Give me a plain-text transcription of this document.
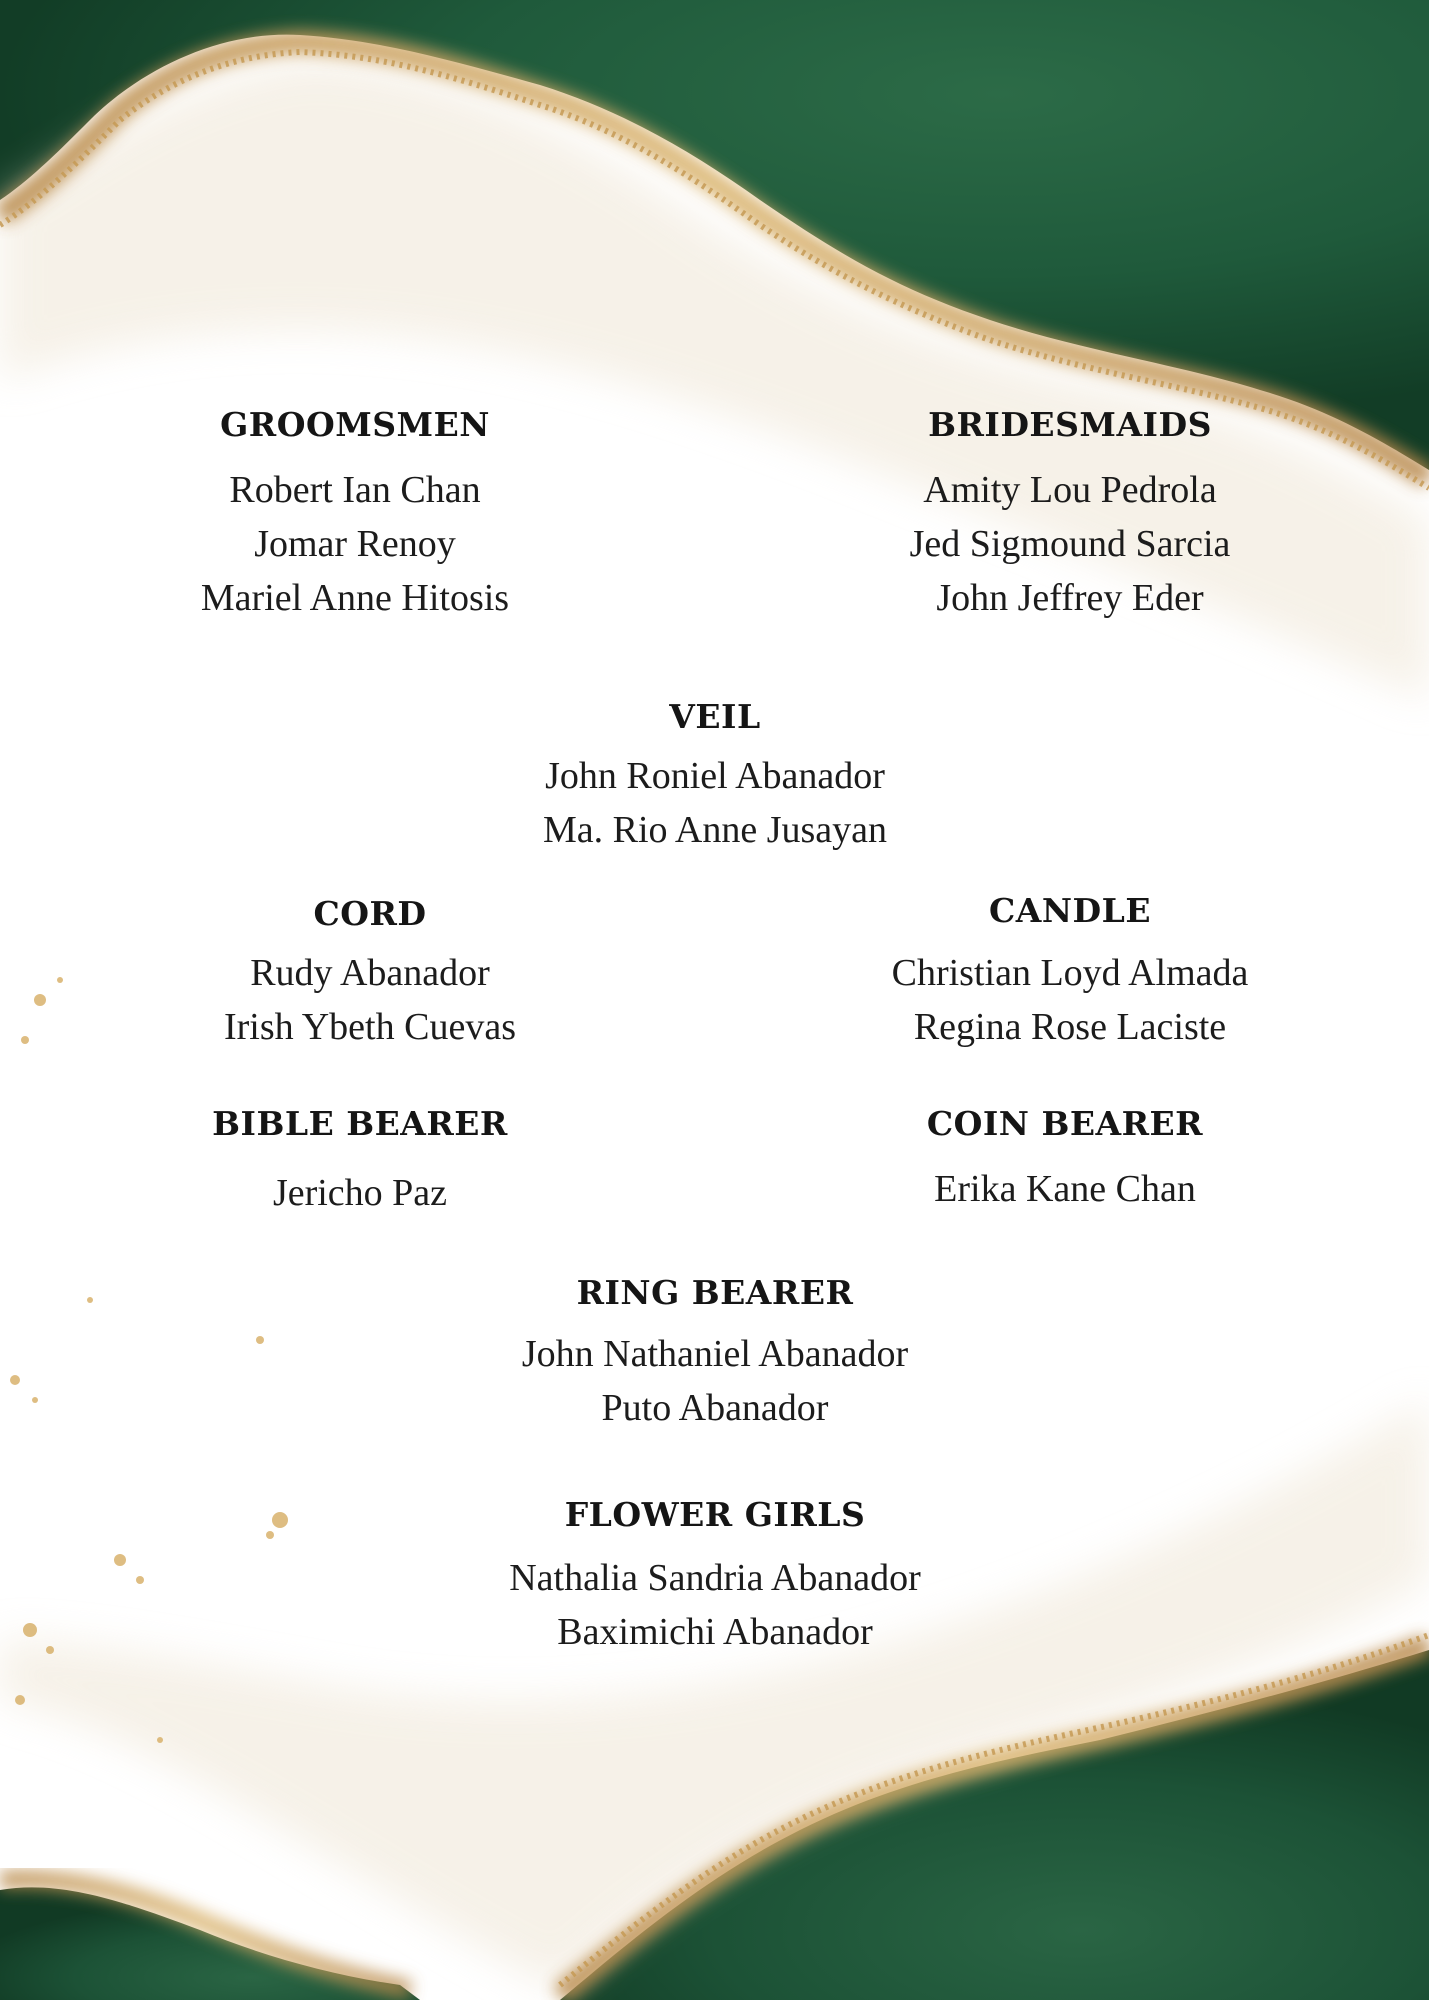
GROOMSMEN
Robert Ian Chan
Jomar Renoy
Mariel Anne Hitosis
BRIDESMAIDS
Amity Lou Pedrola
Jed Sigmound Sarcia
John Jeffrey Eder
VEIL
John Roniel Abanador
Ma. Rio Anne Jusayan
CORD
Rudy Abanador
Irish Ybeth Cuevas
CANDLE
Christian Loyd Almada
Regina Rose Laciste
BIBLE BEARER
Jericho Paz
COIN BEARER
Erika Kane Chan
RING BEARER
John Nathaniel Abanador
Puto Abanador
FLOWER GIRLS
Nathalia Sandria Abanador
Baximichi Abanador
